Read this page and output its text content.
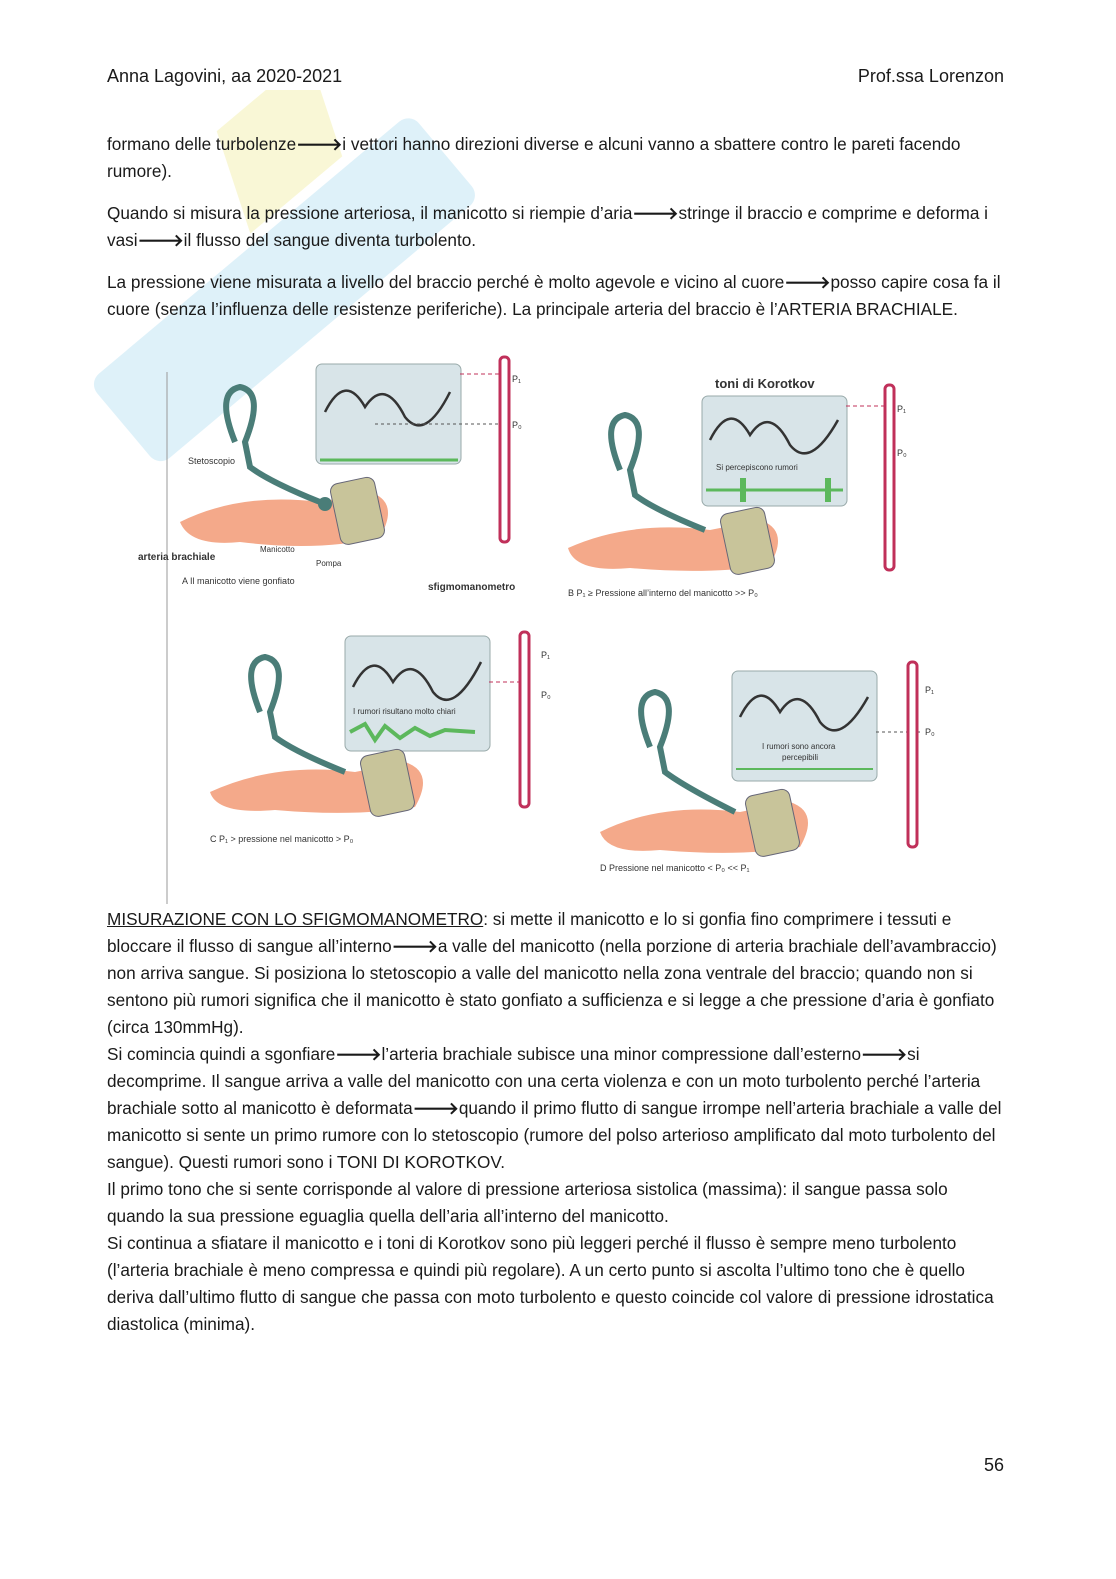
Anna Lagovini, aa 2020-2021	Prof.ssa Lorenzon

formano delle turbolenze🡒i vettori hanno direzioni diverse e alcuni vanno a sbattere contro le pareti facendo rumore).

Quando si misura la pressione arteriosa, il manicotto si riempie d’aria🡒stringe il braccio e comprime e deforma i vasi🡒il flusso del sangue diventa turbolento.

La pressione viene misurata a livello del braccio perché è molto agevole e vicino al cuore🡒posso capire cosa fa il cuore (senza l’influenza delle resistenze periferiche). La principale arteria del braccio è l’ARTERIA BRACHIALE.

P₁
P₀
Stetoscopio
arteria brachiale
Manicotto
Pompa
sfigmomanometro
A Il manicotto viene gonfiato
toni di Korotkov
Si percepiscono rumori
P₁
P₀
B P₁ ≥ Pressione all’interno del manicotto >> P₀
I rumori risultano molto chiari
P₁
P₀
C P₁ > pressione nel manicotto > P₀
I rumori sono ancora
percepibili
P₁
P₀
D Pressione nel manicotto < P₀ << P₁

MISURAZIONE CON LO SFIGMOMANOMETRO: si mette il manicotto e lo si gonfia fino comprimere i tessuti e bloccare il flusso di sangue all’interno🡒a valle del manicotto (nella porzione di arteria brachiale dell’avambraccio) non arriva sangue. Si posiziona lo stetoscopio a valle del manicotto nella zona ventrale del braccio; quando non si sentono più rumori significa che il manicotto è stato gonfiato a sufficienza e si legge a che pressione d’aria è gonfiato (circa 130mmHg).
Si comincia quindi a sgonfiare🡒l’arteria brachiale subisce una minor compressione dall’esterno🡒si decomprime. Il sangue arriva a valle del manicotto con una certa violenza e con un moto turbolento perché l’arteria brachiale sotto al manicotto è deformata🡒quando il primo flutto di sangue irrompe nell’arteria brachiale a valle del manicotto si sente un primo rumore con lo stetoscopio (rumore del polso arterioso amplificato dal moto turbolento del sangue). Questi rumori sono i TONI DI KOROTKOV.
Il primo tono che si sente corrisponde al valore di pressione arteriosa sistolica (massima): il sangue passa solo quando la sua pressione eguaglia quella dell’aria all’interno del manicotto.
Si continua a sfiatare il manicotto e i toni di Korotkov sono più leggeri perché il flusso è sempre meno turbolento (l’arteria brachiale è meno compressa e quindi più regolare). A un certo punto si ascolta l’ultimo tono che è quello deriva dall’ultimo flutto di sangue che passa con moto turbolento e questo coincide col valore di pressione idrostatica diastolica (minima).

56
